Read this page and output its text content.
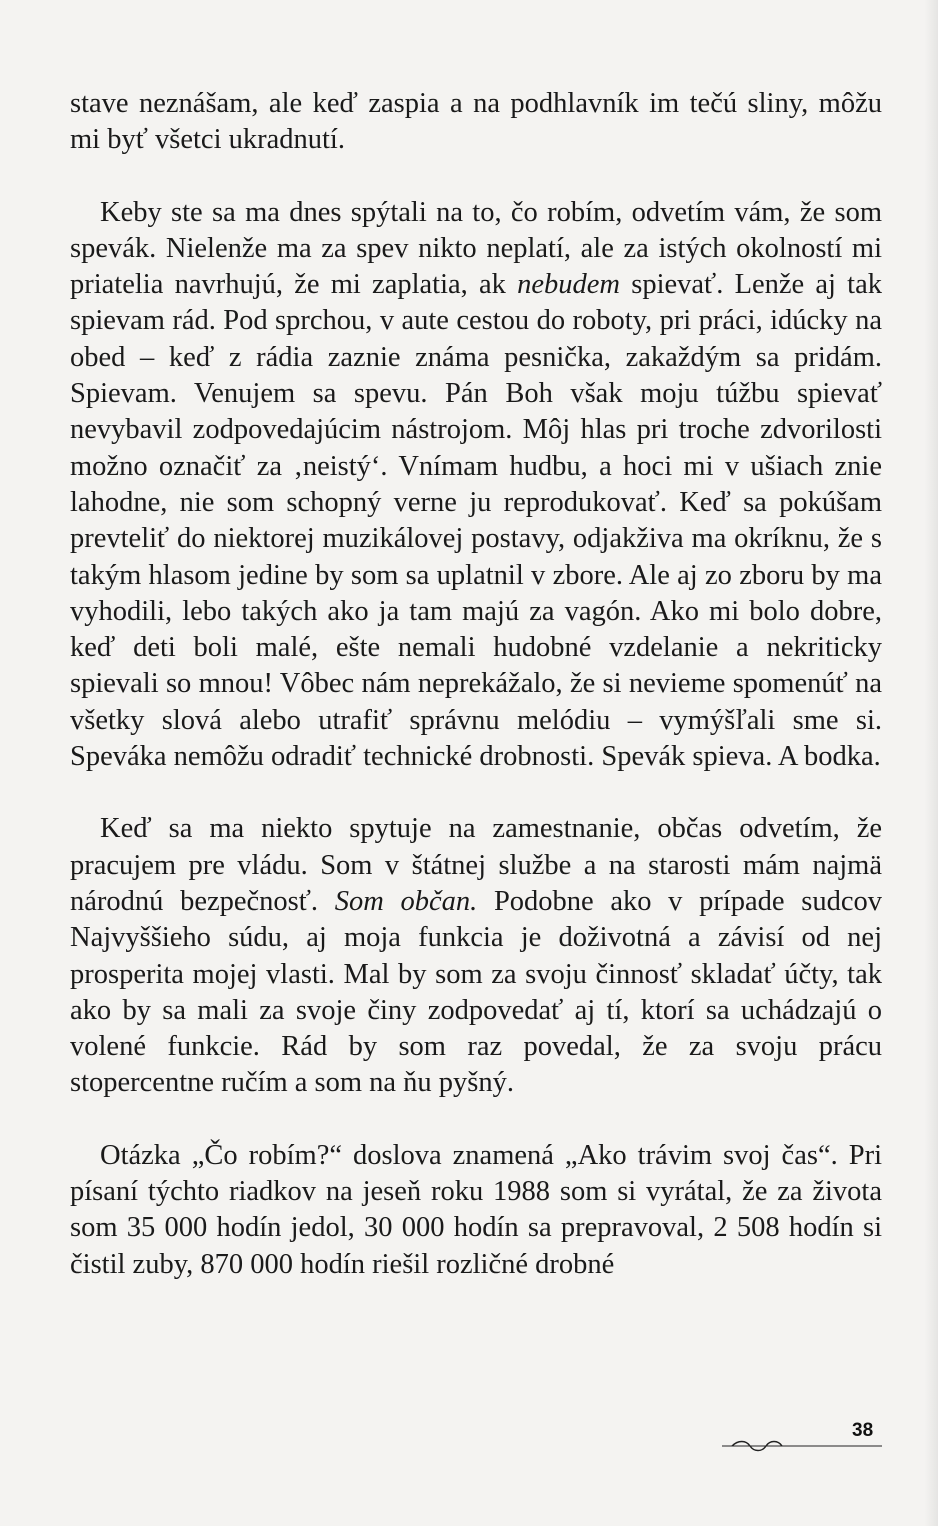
stave neznášam, ale keď zaspia a na podhlavník im tečú sliny, môžu mi byť všetci ukradnutí.

Keby ste sa ma dnes spýtali na to, čo robím, odvetím vám, že som spevák. Nielenže ma za spev nikto neplatí, ale za istých okolností mi priatelia navrhujú, že mi zaplatia, ak nebudem spievať. Lenže aj tak spievam rád. Pod sprchou, v aute cestou do roboty, pri práci, idúcky na obed – keď z rádia zaznie známa pesnička, zakaždým sa pridám. Spievam. Venujem sa spevu. Pán Boh však moju túžbu spievať nevybavil zodpovedajúcim nástrojom. Môj hlas pri troche zdvorilosti možno označiť za ‚neistý‘. Vnímam hudbu, a hoci mi v ušiach znie lahodne, nie som schopný verne ju reprodukovať. Keď sa pokúšam prevteliť do niektorej muzikálovej postavy, odjakživa ma okríknu, že s takým hlasom jedine by som sa uplatnil v zbore. Ale aj zo zboru by ma vyhodili, lebo takých ako ja tam majú za vagón. Ako mi bolo dobre, keď deti boli malé, ešte nemali hudobné vzdelanie a nekriticky spievali so mnou! Vôbec nám neprekážalo, že si nevieme spomenúť na všetky slová alebo utrafiť správnu melódiu – vymýšľali sme si. Speváka nemôžu odradiť technické drobnosti. Spevák spieva. A bodka.

Keď sa ma niekto spytuje na zamestnanie, občas odvetím, že pracujem pre vládu. Som v štátnej službe a na starosti mám najmä národnú bezpečnosť. Som občan. Podobne ako v prípade sudcov Najvyššieho súdu, aj moja funkcia je doživotná a závisí od nej prosperita mojej vlasti. Mal by som za svoju činnosť skladať účty, tak ako by sa mali za svoje činy zodpovedať aj tí, ktorí sa uchádzajú o volené funkcie. Rád by som raz povedal, že za svoju prácu stopercentne ručím a som na ňu pyšný.

Otázka „Čo robím?“ doslova znamená „Ako trávim svoj čas“. Pri písaní týchto riadkov na jeseň roku 1988 som si vyrátal, že za života som 35 000 hodín jedol, 30 000 hodín sa prepravoval, 2 508 hodín si čistil zuby, 870 000 hodín riešil rozličné drobné

38
